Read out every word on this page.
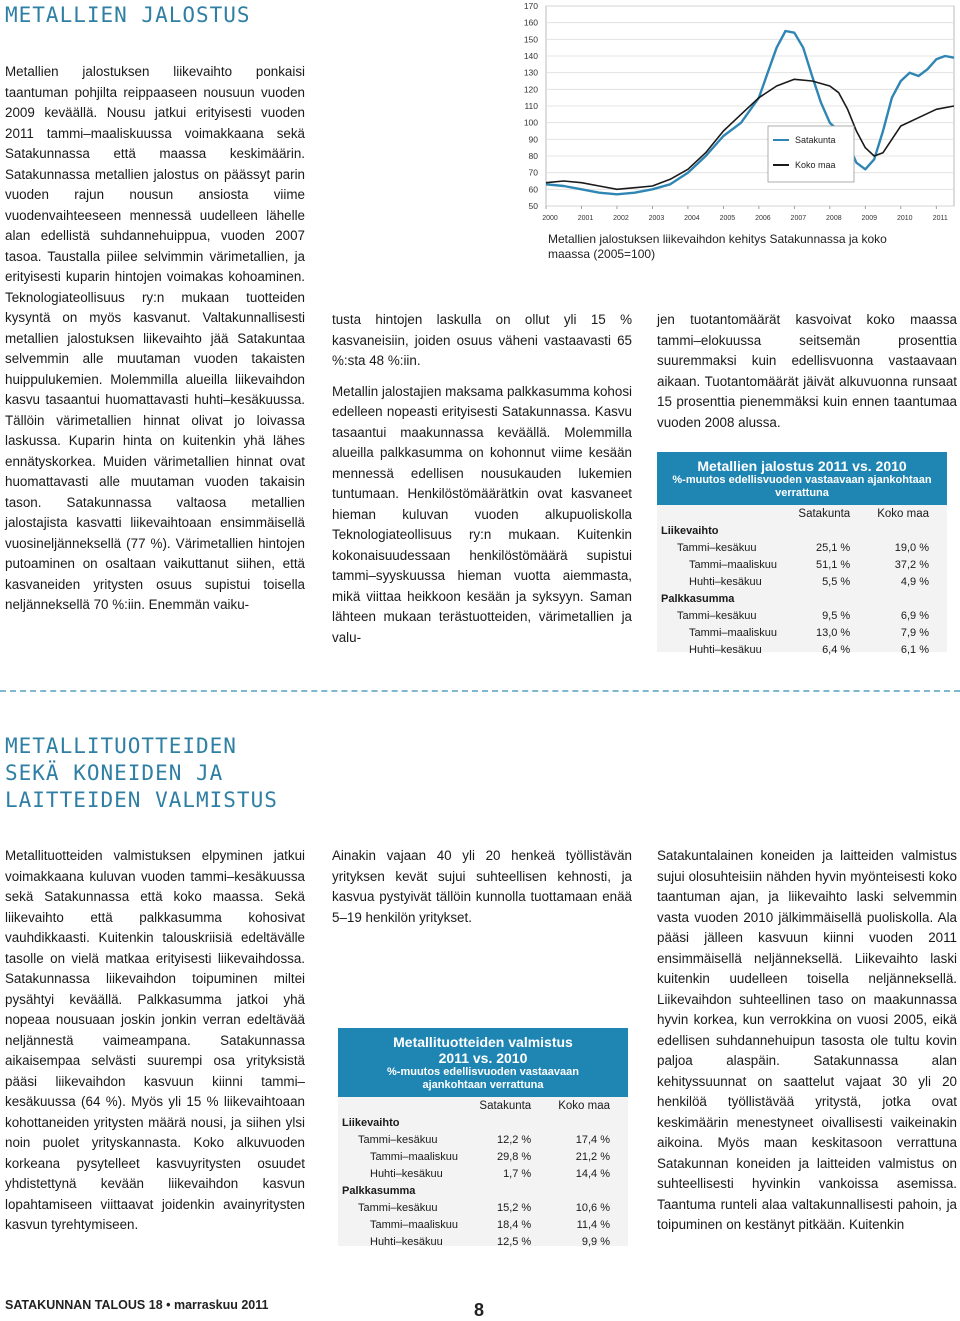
METALLIEN JALOSTUS

Metallien jalostuksen liikevaihto ponkaisi taantuman pohjilta reippaaseen nousuun vuoden 2009 keväällä. Nousu jatkui erityisesti vuoden 2011 tammi–maaliskuussa voimakkaana sekä Satakunnassa että maassa keskimäärin. Satakunnassa metallien jalostus on päässyt parin vuoden rajun nousun ansiosta viime vuodenvaihteeseen mennessä uudelleen lähelle alan edellistä suhdannehuippua, vuoden 2007 tasoa. Taustalla piilee selvimmin värimetallien, ja erityisesti kuparin hintojen voimakas kohoaminen. Teknologiateollisuus ry:n mukaan tuotteiden kysyntä on myös kasvanut. Valtakunnallisesti metallien jalostuksen liikevaihto jää Satakuntaa selvemmin alle muutaman vuoden takaisten huippulukemien. Molemmilla alueilla liikevaihdon kasvu tasaantui huomattavasti huhti–kesäkuussa. Tällöin värimetallien hinnat olivat jo loivassa laskussa. Kuparin hinta on kuitenkin yhä lähes ennätyskorkea. Muiden värimetallien hinnat ovat huomattavasti alle muutaman vuoden takaisin tason. Satakunnassa valtaosa metallien jalostajista kasvatti liikevaihtoaan ensimmäisellä vuosineljänneksellä (77 %). Värimetallien hintojen putoaminen on osaltaan vaikuttanut siihen, että kasvaneiden yritysten osuus supistui toisella neljänneksellä 70 %:iin. Enemmän vaiku-

50
60
70
80
90
100
110
120
130
140
150
160
170
2000	2001	2002	2003	2004	2005	2006	2007	2008	2009	2010	2011
Satakunta
Koko maa
Metallien jalostuksen liikevaihdon kehitys Satakunnassa ja koko maassa (2005=100)

tusta hintojen laskulla on ollut yli 15 % kasvaneisiin, joiden osuus väheni vastaavasti 65 %:sta 48 %:iin.

Metallin jalostajien maksama palkkasumma kohosi edelleen nopeasti erityisesti Satakunnassa. Kasvu tasaantui maakunnassa keväällä. Molemmilla alueilla palkkasumma on kohonnut viime kesään mennessä edellisen nousukauden lukemien tuntumaan. Henkilöstömäärätkin ovat kasvaneet hieman kuluvan vuoden alkupuoliskolla Teknologiateollisuus ry:n mukaan. Kuitenkin kokonaisuudessaan henkilöstömäärä supistui tammi–syyskuussa hieman vuotta aiemmasta, mikä viittaa heikkoon kesään ja syksyyn. Saman lähteen mukaan terästuotteiden, värimetallien ja valu-

jen tuotantomäärät kasvoivat koko maassa tammi–elokuussa seitsemän prosenttia suuremmaksi kuin edellisvuonna vastaavaan aikaan. Tuotantomäärät jäivät alkuvuonna runsaat 15 prosenttia pienemmäksi kuin ennen taantumaa vuoden 2008 alussa.

Metallien jalostus 2011 vs. 2010
%-muutos edellisvuoden vastaavaan ajankohtaan verrattuna
	Satakunta	Koko maa
Liikevaihto		
Tammi–kesäkuu	25,1 %	19,0 %
Tammi–maaliskuu	51,1 %	37,2 %
Huhti–kesäkuu	5,5 %	4,9 %
Palkkasumma		
Tammi–kesäkuu	9,5 %	6,9 %
Tammi–maaliskuu	13,0 %	7,9 %
Huhti–kesäkuu	6,4 %	6,1 %
METALLITUOTTEIDEN SEKÄ KONEIDEN JA LAITTEIDEN VALMISTUS

Metallituotteiden valmistuksen elpyminen jatkui voimakkaana kuluvan vuoden tammi–kesäkuussa sekä Satakunnassa että koko maassa. Sekä liikevaihto että palkkasumma kohosivat vauhdikkaasti. Kuitenkin talouskriisiä edeltävälle tasolle on vielä matkaa erityisesti liikevaihdossa. Satakunnassa liikevaihdon toipuminen miltei pysähtyi keväällä. Palkkasumma jatkoi yhä nopeaa nousuaan joskin jonkin verran edeltävää neljännestä vaimeampana. Satakunnassa aikaisempaa selvästi suurempi osa yrityksistä pääsi liikevaihdon kasvuun kiinni tammi–kesäkuussa (64 %). Myös yli 15 % liikevaihtoaan kohottaneiden yritysten määrä nousi, ja siihen ylsi noin puolet yrityskannasta. Koko alkuvuoden korkeana pysytelleet kasvuyritysten osuudet yhdistettynä kevään liikevaihdon kasvun lopahtamiseen viittaavat joidenkin avainyritysten kasvun tyrehtymiseen.

Ainakin vajaan 40 yli 20 henkeä työllistävän yrityksen kevät sujui suhteellisen kehnosti, ja kasvua pystyivät tällöin kunnolla tuottamaan enää 5–19 henkilön yritykset.

Metallituotteiden valmistus 2011 vs. 2010
%-muutos edellisvuoden vastaavaan ajankohtaan verrattuna
	Satakunta	Koko maa
Liikevaihto		
Tammi–kesäkuu	12,2 %	17,4 %
Tammi–maaliskuu	29,8 %	21,2 %
Huhti–kesäkuu	1,7 %	14,4 %
Palkkasumma		
Tammi–kesäkuu	15,2 %	10,6 %
Tammi–maaliskuu	18,4 %	11,4 %
Huhti–kesäkuu	12,5 %	9,9 %

Satakuntalainen koneiden ja laitteiden valmistus sujui olosuhteisiin nähden hyvin myönteisesti koko taantuman ajan, ja liikevaihto laski selvemmin vasta vuoden 2010 jälkimmäisellä puoliskolla. Ala pääsi jälleen kasvuun kiinni vuoden 2011 ensimmäisellä neljänneksellä. Liikevaihto laski kuitenkin uudelleen toisella neljänneksellä. Liikevaihdon suhteellinen taso on maakunnassa hyvin korkea, kun verrokkina on vuosi 2005, eikä edellisen suhdannehuipun tasosta ole tultu kovin paljoa alaspäin. Satakunnassa alan kehityssuunnat on saattelut vajaat 30 yli 20 henkilöä työllistävää yritystä, jotka ovat keskimäärin menestyneet oivallisesti vaikeinakin aikoina. Myös maan keskitasoon verrattuna Satakunnan koneiden ja laitteiden valmistus on suhteellisesti hyvinkin vankoissa asemissa. Taantuma runteli alaa valtakunnallisesti pahoin, ja toipuminen on kestänyt pitkään. Kuitenkin

SATAKUNNAN TALOUS 18 • marraskuu 2011	8
